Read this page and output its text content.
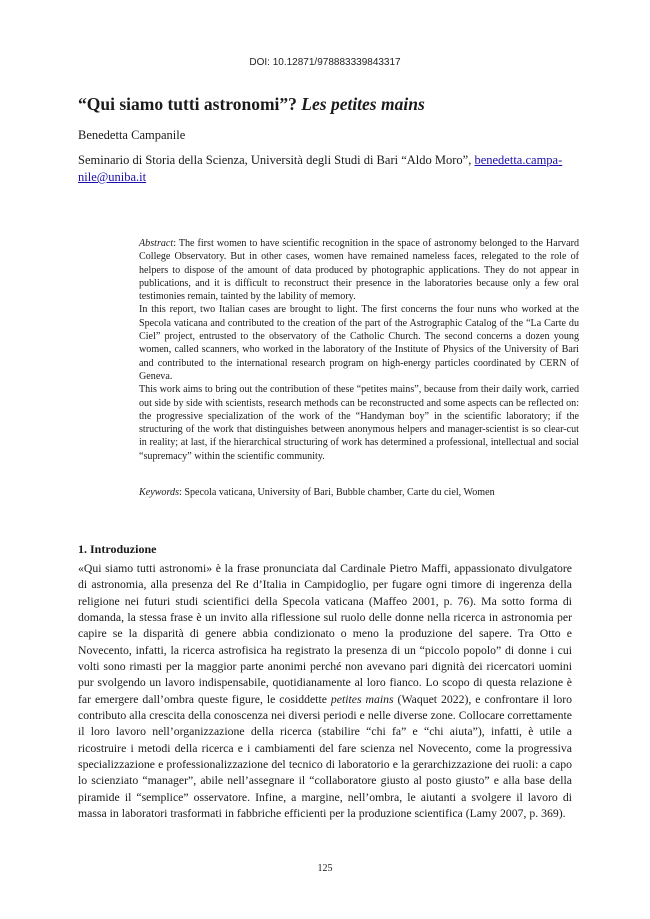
DOI: 10.12871/978883339843317
“Qui siamo tutti astronomi”? Les petites mains
Benedetta Campanile
Seminario di Storia della Scienza, Università degli Studi di Bari “Aldo Moro”, benedetta.campanile@uniba.it

Abstract: The first women to have scientific recognition in the space of astronomy belonged to the Harvard College Observatory. But in other cases, women have remained nameless faces, relegated to the role of helpers to dispose of the amount of data produced by photographic applications. They do not appear in publications, and it is difficult to reconstruct their presence in the laboratories because only a few oral testimonies remain, tainted by the lability of memory.

In this report, two Italian cases are brought to light. The first concerns the four nuns who worked at the Specola vaticana and contributed to the creation of the part of the Astrographic Catalog of the “La Carte du Ciel” project, entrusted to the observatory of the Catholic Church. The second concerns a dozen young women, called scanners, who worked in the laboratory of the Institute of Physics of the University of Bari and contributed to the international research program on high-energy particles coordinated by CERN of Geneva.

This work aims to bring out the contribution of these “petites mains”, because from their daily work, carried out side by side with scientists, research methods can be reconstructed and some aspects can be reflected on: the progressive specialization of the work of the “Handyman boy” in the scientific laboratory; if the structuring of the work that distinguishes between anonymous helpers and manager-scientist is so clear-cut in reality; at last, if the hierarchical structuring of work has determined a professional, intellectual and social “supremacy” within the scientific community.

Keywords: Specola vaticana, University of Bari, Bubble chamber, Carte du ciel, Women
1. Introduzione

«Qui siamo tutti astronomi» è la frase pronunciata dal Cardinale Pietro Maffi, appassionato divulgatore di astronomia, alla presenza del Re d’Italia in Campidoglio, per fugare ogni timore di ingerenza della religione nei futuri studi scientifici della Specola vaticana (Maffeo 2001, p. 76). Ma sotto forma di domanda, la stessa frase è un invito alla riflessione sul ruolo delle donne nella ricerca in astronomia per capire se la disparità di genere abbia condizionato o meno la produzione del sapere. Tra Otto e Novecento, infatti, la ricerca astrofisica ha registrato la presenza di un “piccolo popolo” di donne i cui volti sono rimasti per la maggior parte anonimi perché non avevano pari dignità dei ricercatori uomini pur svolgendo un lavoro indispensabile, quotidianamente al loro fianco. Lo scopo di questa relazione è far emergere dall’ombra queste figure, le cosiddette petites mains (Waquet 2022), e confrontare il loro contributo alla crescita della conoscenza nei diversi periodi e nelle diverse zone. Collocare correttamente il loro lavoro nell’organizzazione della ricerca (stabilire “chi fa” e “chi aiuta”), infatti, è utile a ricostruire i metodi della ricerca e i cambiamenti del fare scienza nel Novecento, come la progressiva specializzazione e professionalizzazione del tecnico di laboratorio e la gerarchizzazione dei ruoli: a capo lo scienziato “manager”, abile nell’assegnare il “collaboratore giusto al posto giusto” e alla base della piramide il “semplice” osservatore. Infine, a margine, nell’ombra, le aiutanti a svolgere il lavoro di massa in laboratori trasformati in fabbriche efficienti per la produzione scientifica (Lamy 2007, p. 369).

125
